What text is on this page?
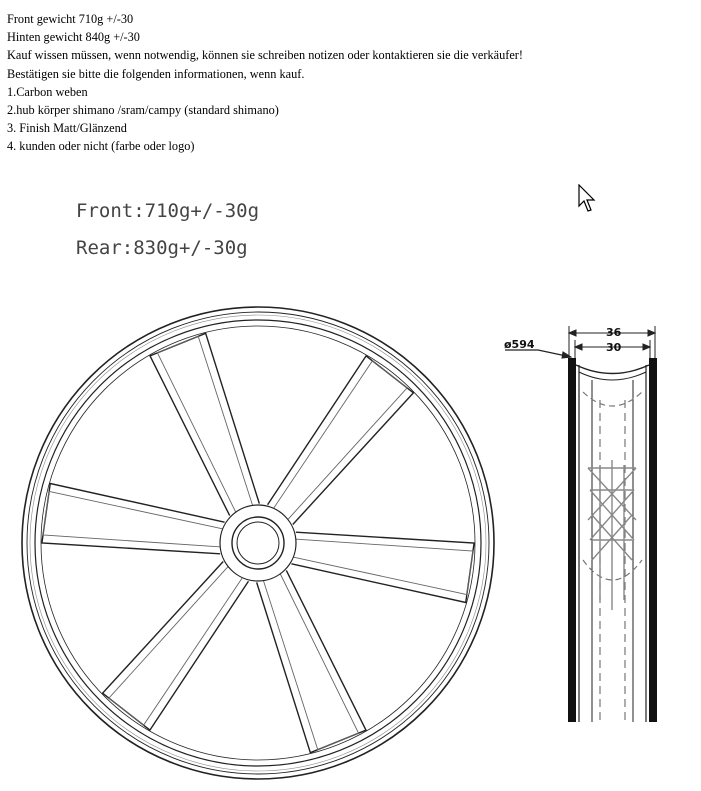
Front gewicht 710g +/-30

Hinten gewicht 840g +/-30

Kauf wissen müssen, wenn notwendig, können sie schreiben notizen oder kontaktieren sie die verkäufer!

Bestätigen sie bitte die folgenden informationen, wenn kauf.

1.Carbon weben

2.hub körper shimano /sram/campy (standard shimano)

3. Finish Matt/Glänzend

4. kunden oder nicht (farbe oder logo)

Front:710g+/-30g
Rear:830g+/-30g
36
30
ø594
